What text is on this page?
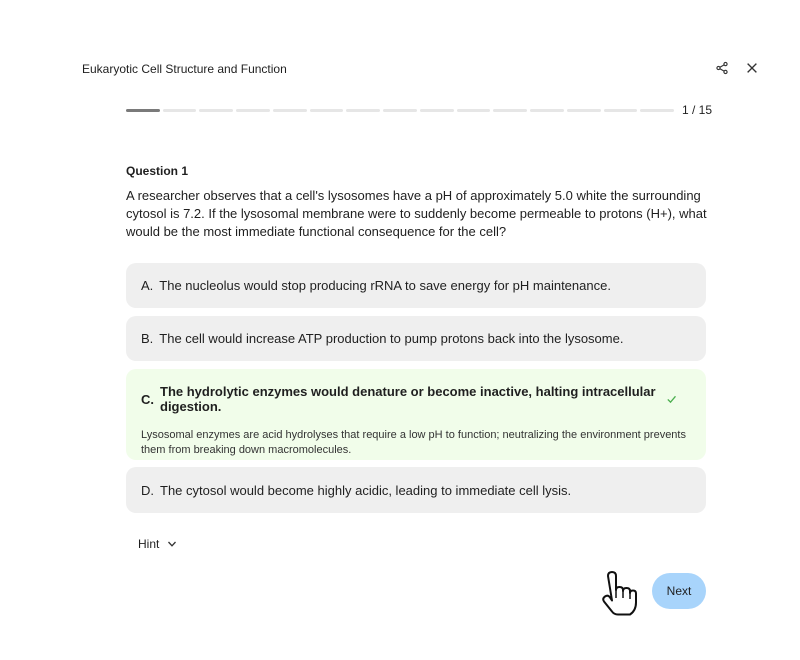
Eukaryotic Cell Structure and Function
1 / 15
Question 1
A researcher observes that a cell's lysosomes have a pH of approximately 5.0 white the surrounding cytosol is 7.2. If the lysosomal membrane were to suddenly become permeable to protons (H+), what would be the most immediate functional consequence for the cell?
A. The nucleolus would stop producing rRNA to save energy for pH maintenance.
B. The cell would increase ATP production to pump protons back into the lysosome.
C. The hydrolytic enzymes would denature or become inactive, halting intracellular digestion.
Lysosomal enzymes are acid hydrolyses that require a low pH to function; neutralizing the environment prevents them from breaking down macromolecules.
D. The cytosol would become highly acidic, leading to immediate cell lysis.
Hint
Next
